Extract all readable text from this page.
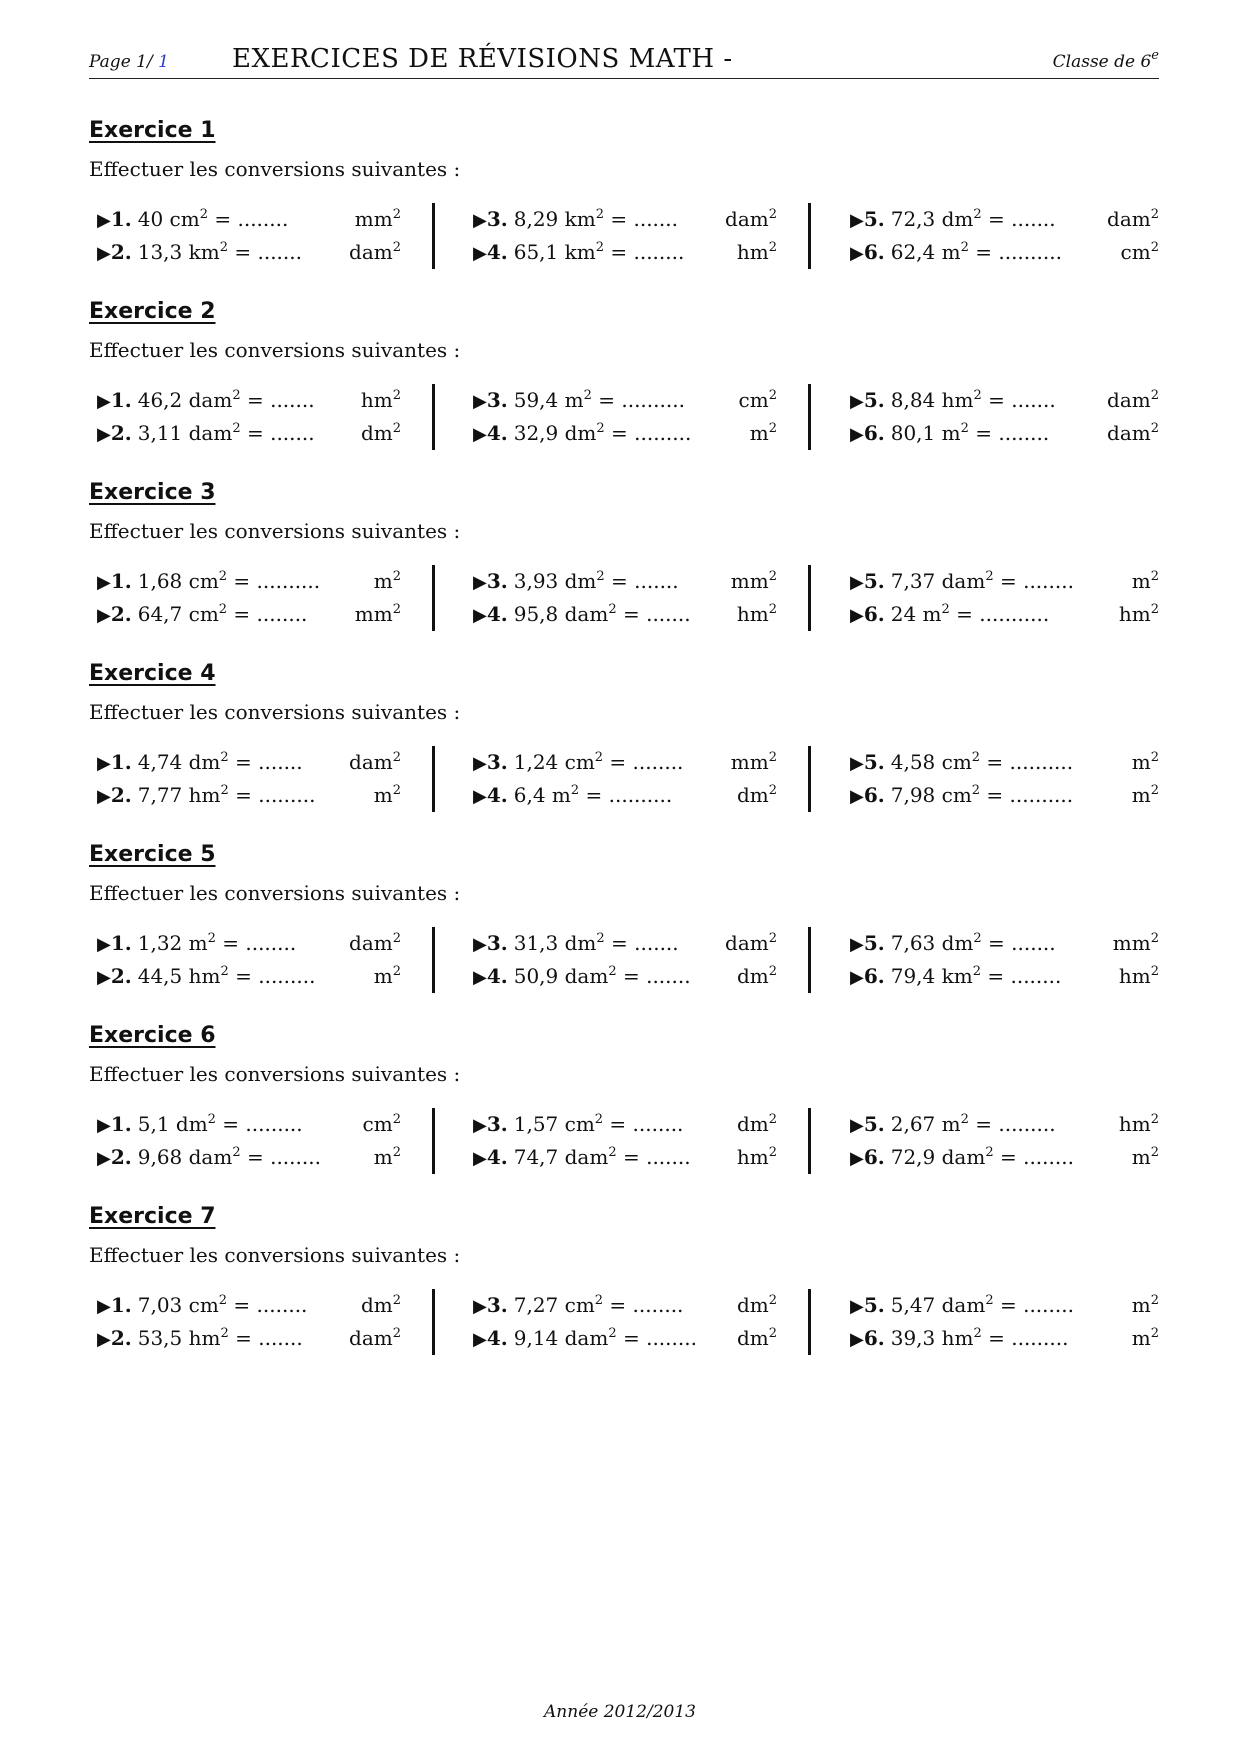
Page 1/ 1 EXERCICES DE RÉVISIONS MATH -	Classe de 6e
Exercice 1
Effectuer les conversions suivantes :
▶1. 40 $cm^2$ = ........	$mm^2$
▶2. 13,3 $km^2$ = ....... dam$^2$
▶3. 8,29 $km^2$ = ....... dam$^2$
▶4. 65,1 $km^2$ = ........	$hm^2$
▶5. 72,3 $dm^2$ = .......	dam$^2$
▶6. 62,4 $m^2$ = ..........	$cm^2$
Exercice 2
Effectuer les conversions suivantes :
▶1. 46,2 dam$^2$ = ....... $hm^2$
▶2. 3,11 dam$^2$ = ....... $dm^2$
▶3. 59,4 $m^2$ = ..........	$cm^2$
▶4. 32,9 $dm^2$ = .........	$m^2$
▶5. 8,84 $hm^2$ = .......	dam$^2$
▶6. 80,1 $m^2$ = ........	dam$^2$
Exercice 3
Effectuer les conversions suivantes :
▶1. 1,68 $cm^2$ = ..........	$m^2$
▶2. 64,7 $cm^2$ = ........ $mm^2$
▶3. 3,93 $dm^2$ = .......	$mm^2$
▶4. 95,8 dam$^2$ = ....... $hm^2$
▶5. 7,37 dam$^2$ = ........	$m^2$
▶6. 24 $m^2$ = ...........	$hm^2$
Exercice 4
Effectuer les conversions suivantes :
▶1. 4,74 $dm^2$ = ....... dam$^2$
▶2. 7,77 $hm^2$ = .........	$m^2$
▶3. 1,24 $cm^2$ = ........ $mm^2$
▶4. 6,4 $m^2$ = ..........	$dm^2$
▶5. 4,58 $cm^2$ = ..........	$m^2$
▶6. 7,98 $cm^2$ = ..........	$m^2$
Exercice 5
Effectuer les conversions suivantes :
▶1. 1,32 $m^2$ = ........	dam$^2$
▶2. 44,5 $hm^2$ = .........	$m^2$
▶3. 31,3 $dm^2$ = ....... dam$^2$
▶4. 50,9 dam$^2$ = ....... $dm^2$
▶5. 7,63 $dm^2$ = .......	$mm^2$
▶6. 79,4 $km^2$ = ........	$hm^2$
Exercice 6
Effectuer les conversions suivantes :
▶1. 5,1 $dm^2$ = .........	$cm^2$
▶2. 9,68 dam$^2$ = ........	$m^2$
▶3. 1,57 $cm^2$ = ........	$dm^2$
▶4. 74,7 dam$^2$ = ....... $hm^2$
▶5. 2,67 $m^2$ = .........	$hm^2$
▶6. 72,9 dam$^2$ = ........	$m^2$
Exercice 7
Effectuer les conversions suivantes :
▶1. 7,03 $cm^2$ = ........	$dm^2$
▶2. 53,5 $hm^2$ = ....... dam$^2$
▶3. 7,27 $cm^2$ = ........	$dm^2$
▶4. 9,14 dam$^2$ = ........ $dm^2$
▶5. 5,47 dam$^2$ = ........	$m^2$
▶6. 39,3 $hm^2$ = .........	$m^2$
Année 2012/2013
